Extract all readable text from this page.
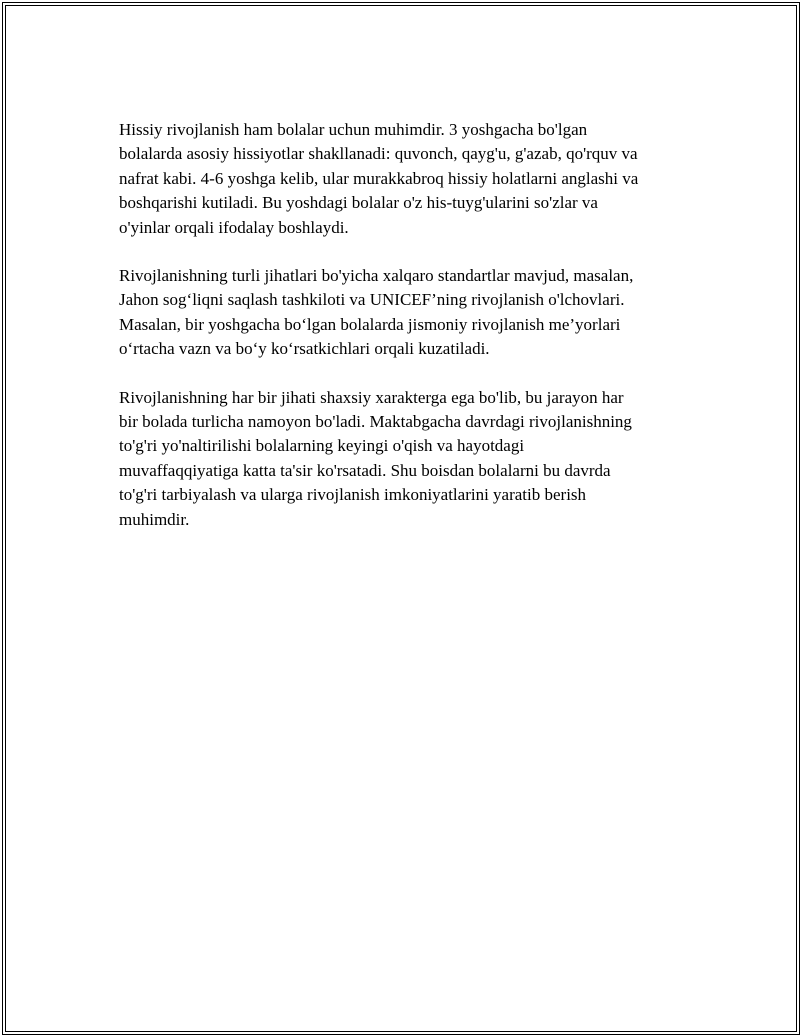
Hissiy rivojlanish ham bolalar uchun muhimdir. 3 yoshgacha bo'lgan
bolalarda asosiy hissiyotlar shakllanadi: quvonch, qayg'u, g'azab, qo'rquv va
nafrat kabi. 4-6 yoshga kelib, ular murakkabroq hissiy holatlarni anglashi va
boshqarishi kutiladi. Bu yoshdagi bolalar o'z his-tuyg'ularini so'zlar va
o'yinlar orqali ifodalay boshlaydi.

Rivojlanishning turli jihatlari bo'yicha xalqaro standartlar mavjud, masalan,
Jahon sog‘liqni saqlash tashkiloti va UNICEF’ning rivojlanish o'lchovlari.
Masalan, bir yoshgacha bo‘lgan bolalarda jismoniy rivojlanish me’yorlari
o‘rtacha vazn va bo‘y ko‘rsatkichlari orqali kuzatiladi.

Rivojlanishning har bir jihati shaxsiy xarakterga ega bo'lib, bu jarayon har
bir bolada turlicha namoyon bo'ladi. Maktabgacha davrdagi rivojlanishning
to'g'ri yo'naltirilishi bolalarning keyingi o'qish va hayotdagi
muvaffaqqiyatiga katta ta'sir ko'rsatadi. Shu boisdan bolalarni bu davrda
to'g'ri tarbiyalash va ularga rivojlanish imkoniyatlarini yaratib berish
muhimdir.
